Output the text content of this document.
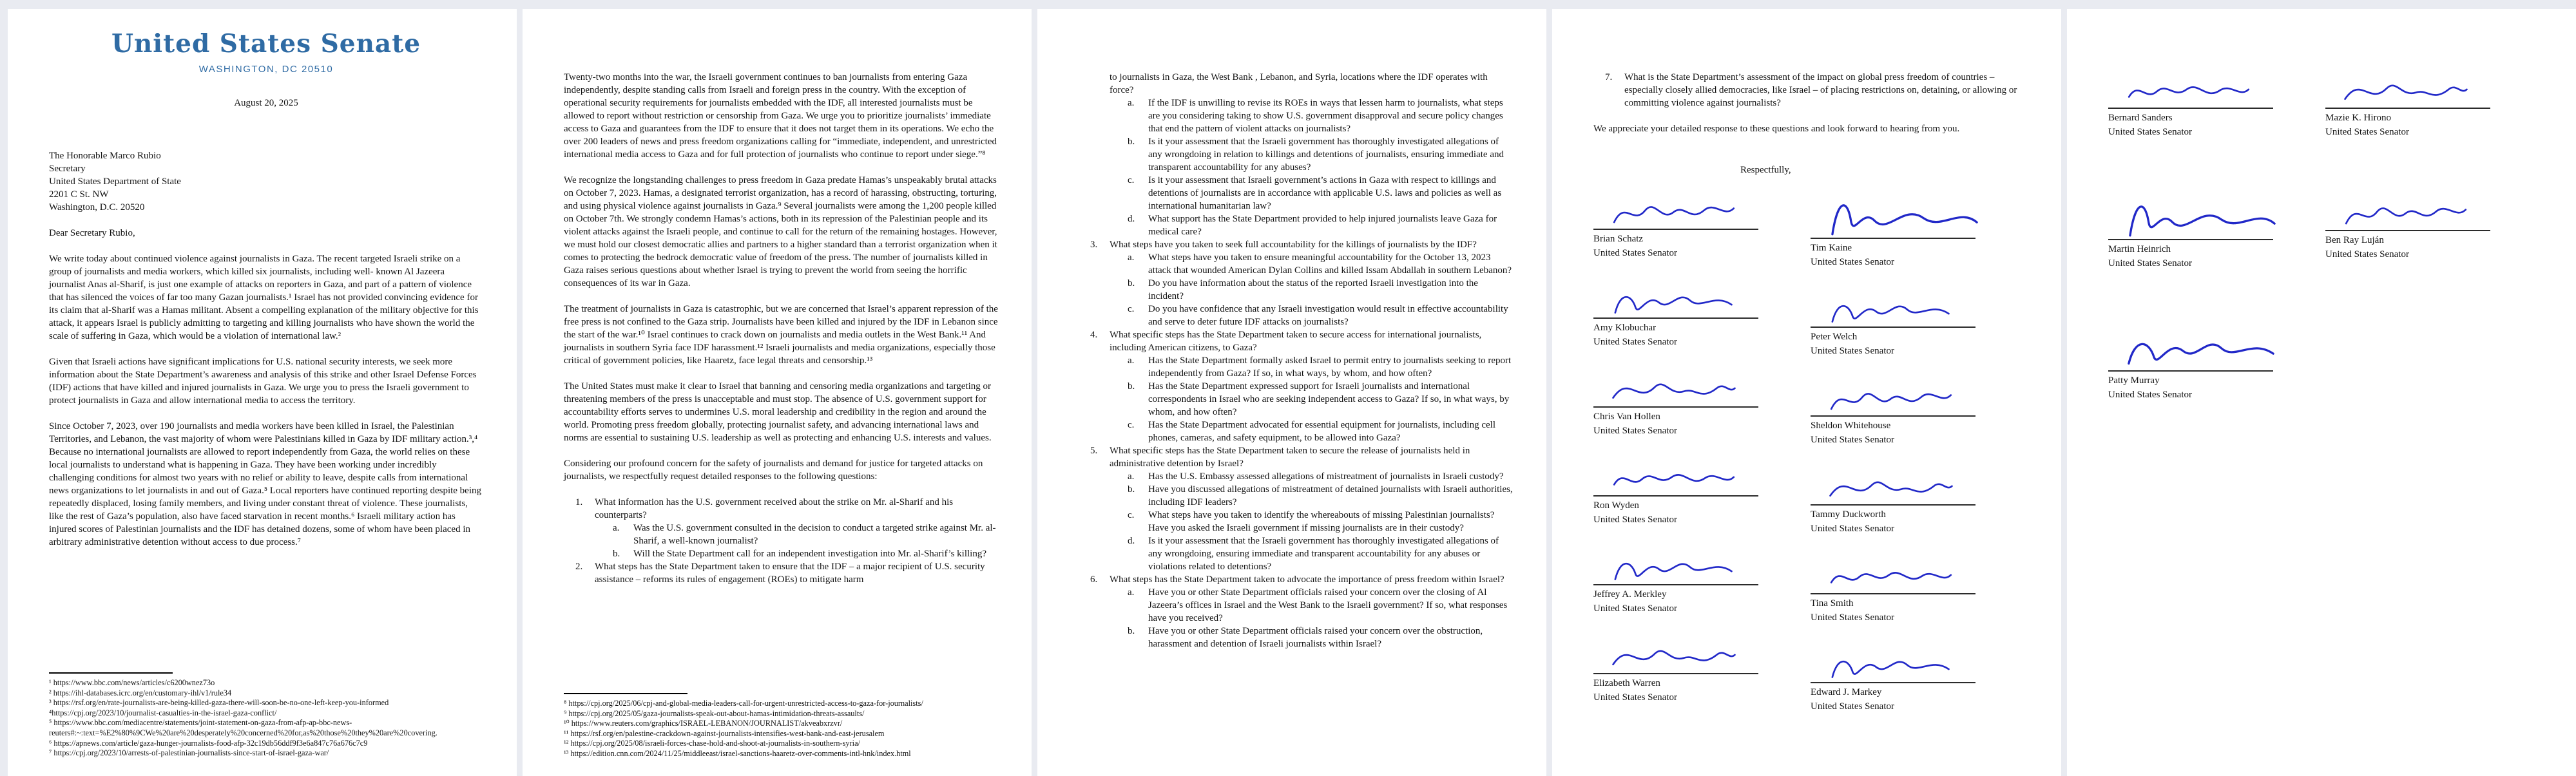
United States Senate
WASHINGTON, DC 20510
August 20, 2025
The Honorable Marco Rubio
Secretary
United States Department of State
2201 C St. NW
Washington, D.C. 20520
Dear Secretary Rubio,

We write today about continued violence against journalists in Gaza. The recent targeted Israeli strike on a group of journalists and media workers, which killed six journalists, including well- known Al Jazeera journalist Anas al-Sharif, is just one example of attacks on reporters in Gaza, and part of a pattern of violence that has silenced the voices of far too many Gazan journalists.¹ Israel has not provided convincing evidence for its claim that al-Sharif was a Hamas militant. Absent a compelling explanation of the military objective for this attack, it appears Israel is publicly admitting to targeting and killing journalists who have shown the world the scale of suffering in Gaza, which would be a violation of international law.²

Given that Israeli actions have significant implications for U.S. national security interests, we seek more information about the State Department’s awareness and analysis of this strike and other Israel Defense Forces (IDF) actions that have killed and injured journalists in Gaza. We urge you to press the Israeli government to protect journalists in Gaza and allow international media to access the territory.

Since October 7, 2023, over 190 journalists and media workers have been killed in Israel, the Palestinian Territories, and Lebanon, the vast majority of whom were Palestinians killed in Gaza by IDF military action.³,⁴ Because no international journalists are allowed to report independently from Gaza, the world relies on these local journalists to understand what is happening in Gaza. They have been working under incredibly challenging conditions for almost two years with no relief or ability to leave, despite calls from international news organizations to let journalists in and out of Gaza.⁵ Local reporters have continued reporting despite being repeatedly displaced, losing family members, and living under constant threat of violence. These journalists, like the rest of Gaza’s population, also have faced starvation in recent months.⁶ Israeli military action has injured scores of Palestinian journalists and the IDF has detained dozens, some of whom have been placed in arbitrary administrative detention without access to due process.⁷

¹ https://www.bbc.com/news/articles/c6200wnez73o
² https://ihl-databases.icrc.org/en/customary-ihl/v1/rule34
³ https://rsf.org/en/rate-journalists-are-being-killed-gaza-there-will-soon-be-no-one-left-keep-you-informed
⁴https://cpj.org/2023/10/journalist-casualties-in-the-israel-gaza-conflict/
⁵ https://www.bbc.com/mediacentre/statements/joint-statement-on-gaza-from-afp-ap-bbc-news-reuters#:~:text=%E2%80%9CWe%20are%20desperately%20concerned%20for,as%20those%20they%20are%20covering.
⁶ https://apnews.com/article/gaza-hunger-journalists-food-afp-32c19db56ddf9f3e6a847c76a676c7c9
⁷ https://cpj.org/2023/10/arrests-of-palestinian-journalists-since-start-of-israel-gaza-war/

Twenty-two months into the war, the Israeli government continues to ban journalists from entering Gaza independently, despite standing calls from Israeli and foreign press in the country. With the exception of operational security requirements for journalists embedded with the IDF, all interested journalists must be allowed to report without restriction or censorship from Gaza. We urge you to prioritize journalists’ immediate access to Gaza and guarantees from the IDF to ensure that it does not target them in its operations. We echo the over 200 leaders of news and press freedom organizations calling for “immediate, independent, and unrestricted international media access to Gaza and for full protection of journalists who continue to report under siege.”⁸

We recognize the longstanding challenges to press freedom in Gaza predate Hamas’s unspeakably brutal attacks on October 7, 2023. Hamas, a designated terrorist organization, has a record of harassing, obstructing, torturing, and using physical violence against journalists in Gaza.⁹ Several journalists were among the 1,200 people killed on October 7th. We strongly condemn Hamas’s actions, both in its repression of the Palestinian people and its violent attacks against the Israeli people, and continue to call for the return of the remaining hostages. However, we must hold our closest democratic allies and partners to a higher standard than a terrorist organization when it comes to protecting the bedrock democratic value of freedom of the press. The number of journalists killed in Gaza raises serious questions about whether Israel is trying to prevent the world from seeing the horrific consequences of its war in Gaza.

The treatment of journalists in Gaza is catastrophic, but we are concerned that Israel’s apparent repression of the free press is not confined to the Gaza strip. Journalists have been killed and injured by the IDF in Lebanon since the start of the war.¹⁰ Israel continues to crack down on journalists and media outlets in the West Bank.¹¹ And journalists in southern Syria face IDF harassment.¹² Israeli journalists and media organizations, especially those critical of government policies, like Haaretz, face legal threats and censorship.¹³

The United States must make it clear to Israel that banning and censoring media organizations and targeting or threatening members of the press is unacceptable and must stop. The absence of U.S. government support for accountability efforts serves to undermines U.S. moral leadership and credibility in the region and around the world. Promoting press freedom globally, protecting journalist safety, and advancing international laws and norms are essential to sustaining U.S. leadership as well as protecting and enhancing U.S. interests and values.

Considering our profound concern for the safety of journalists and demand for justice for targeted attacks on journalists, we respectfully request detailed responses to the following questions:

1. What information has the U.S. government received about the strike on Mr. al-Sharif and his counterparts?
a. Was the U.S. government consulted in the decision to conduct a targeted strike against Mr. al-Sharif, a well-known journalist?
b. Will the State Department call for an independent investigation into Mr. al-Sharif’s killing?
2. What steps has the State Department taken to ensure that the IDF – a major recipient of U.S. security assistance – reforms its rules of engagement (ROEs) to mitigate harm
⁸ https://cpj.org/2025/06/cpj-and-global-media-leaders-call-for-urgent-unrestricted-access-to-gaza-for-journalists/
⁹ https://cpj.org/2025/05/gaza-journalists-speak-out-about-hamas-intimidation-threats-assaults/
¹⁰ https://www.reuters.com/graphics/ISRAEL-LEBANON/JOURNALIST/akveabxrzvr/
¹¹ https://rsf.org/en/palestine-crackdown-against-journalists-intensifies-west-bank-and-east-jerusalem
¹² https://cpj.org/2025/08/israeli-forces-chase-hold-and-shoot-at-journalists-in-southern-syria/
¹³ https://edition.cnn.com/2024/11/25/middleeast/israel-sanctions-haaretz-over-comments-intl-hnk/index.html
to journalists in Gaza, the West Bank , Lebanon, and Syria, locations where the IDF operates with force?
a. If the IDF is unwilling to revise its ROEs in ways that lessen harm to journalists, what steps are you considering taking to show U.S. government disapproval and secure policy changes that end the pattern of violent attacks on journalists?
b. Is it your assessment that the Israeli government has thoroughly investigated allegations of any wrongdoing in relation to killings and detentions of journalists, ensuring immediate and transparent accountability for any abuses?
c. Is it your assessment that Israeli government’s actions in Gaza with respect to killings and detentions of journalists are in accordance with applicable U.S. laws and policies as well as international humanitarian law?
d. What support has the State Department provided to help injured journalists leave Gaza for medical care?
3. What steps have you taken to seek full accountability for the killings of journalists by the IDF?
a. What steps have you taken to ensure meaningful accountability for the October 13, 2023 attack that wounded American Dylan Collins and killed Issam Abdallah in southern Lebanon?
b. Do you have information about the status of the reported Israeli investigation into the incident?
c. Do you have confidence that any Israeli investigation would result in effective accountability and serve to deter future IDF attacks on journalists?
4. What specific steps has the State Department taken to secure access for international journalists, including American citizens, to Gaza?
a. Has the State Department formally asked Israel to permit entry to journalists seeking to report independently from Gaza? If so, in what ways, by whom, and how often?
b. Has the State Department expressed support for Israeli journalists and international correspondents in Israel who are seeking independent access to Gaza? If so, in what ways, by whom, and how often?
c. Has the State Department advocated for essential equipment for journalists, including cell phones, cameras, and safety equipment, to be allowed into Gaza?
5. What specific steps has the State Department taken to secure the release of journalists held in administrative detention by Israel?
a. Has the U.S. Embassy assessed allegations of mistreatment of journalists in Israeli custody?
b. Have you discussed allegations of mistreatment of detained journalists with Israeli authorities, including IDF leaders?
c. What steps have you taken to identify the whereabouts of missing Palestinian journalists? Have you asked the Israeli government if missing journalists are in their custody?
d. Is it your assessment that the Israeli government has thoroughly investigated allegations of any wrongdoing, ensuring immediate and transparent accountability for any abuses or violations related to detentions?
6. What steps has the State Department taken to advocate the importance of press freedom within Israel?
a. Have you or other State Department officials raised your concern over the closing of Al Jazeera’s offices in Israel and the West Bank to the Israeli government? If so, what responses have you received?
b. Have you or other State Department officials raised your concern over the obstruction, harassment and detention of Israeli journalists within Israel?
7. What is the State Department’s assessment of the impact on global press freedom of countries – especially closely allied democracies, like Israel – of placing restrictions on, detaining, or allowing or committing violence against journalists?

We appreciate your detailed response to these questions and look forward to hearing from you.

Respectfully,
Brian Schatz
United States Senator
Amy Klobuchar
United States Senator
Chris Van Hollen
United States Senator
Ron Wyden
United States Senator
Jeffrey A. Merkley
United States Senator
Elizabeth Warren
United States Senator
Tim Kaine
United States Senator
Peter Welch
United States Senator
Sheldon Whitehouse
United States Senator
Tammy Duckworth
United States Senator
Tina Smith
United States Senator
Edward J. Markey
United States Senator
Bernard Sanders
United States Senator
Martin Heinrich
United States Senator
Patty Murray
United States Senator
Mazie K. Hirono
United States Senator
Ben Ray Luján
United States Senator
